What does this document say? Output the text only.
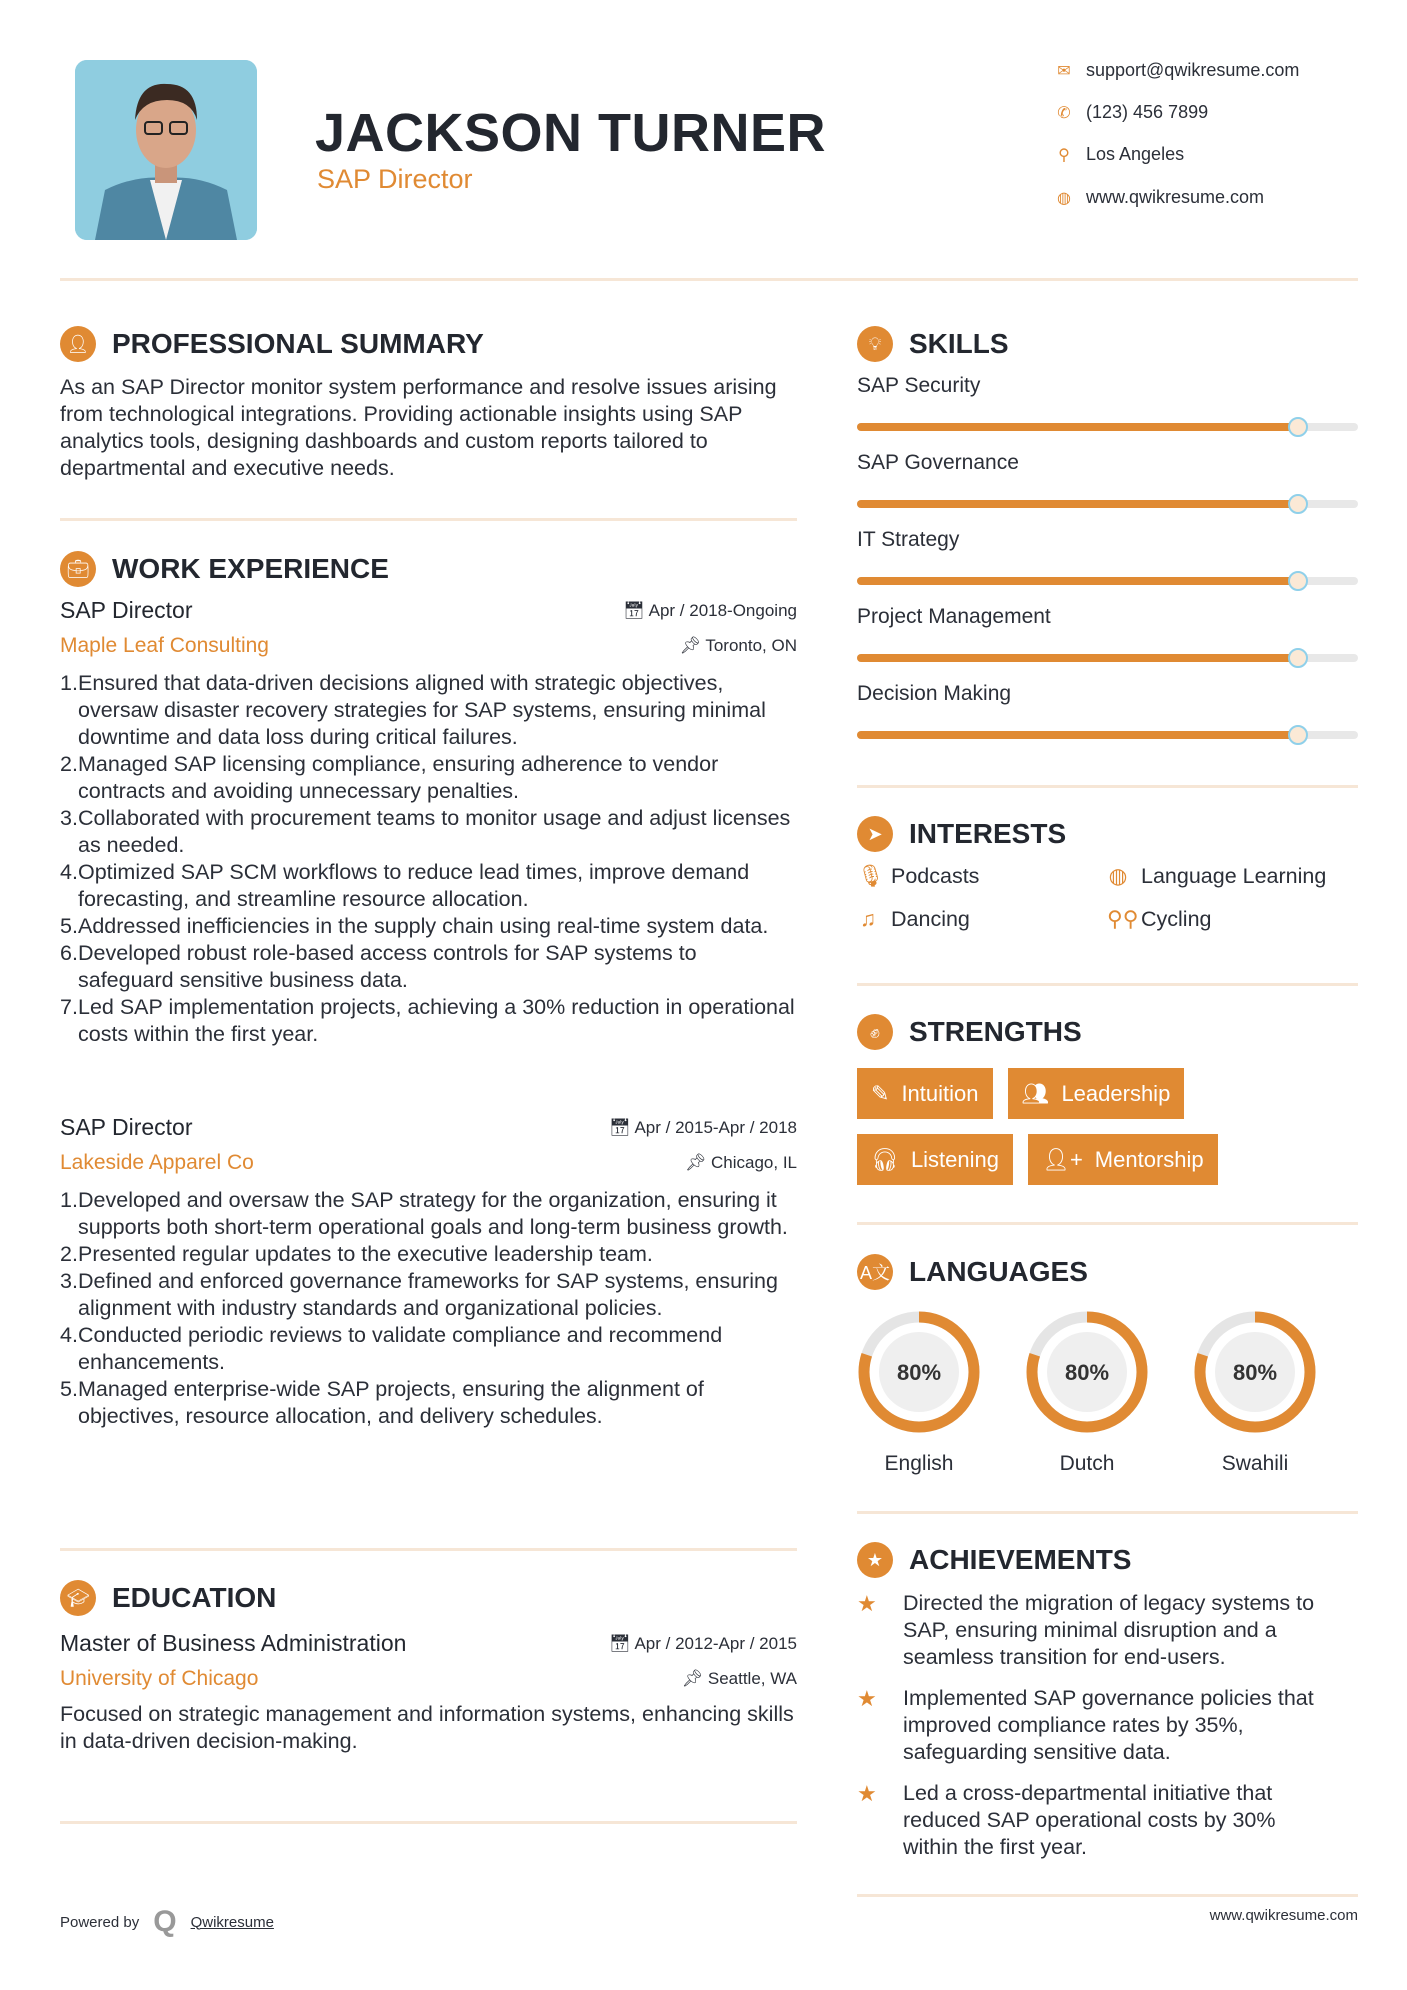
JACKSON TURNER
SAP Director
👤︎ PROFESSIONAL SUMMARY

As an SAP Director monitor system performance and resolve issues arising from technological integrations. Providing actionable insights using SAP analytics tools, designing dashboards and custom reports tailored to departmental and executive needs.

💼︎ WORK EXPERIENCE
SAP Director	📅︎ Apr / 2018-Ongoing
Maple Leaf Consulting	📌︎ Toronto, ON
1. Ensured that data-driven decisions aligned with strategic objectives, oversaw disaster recovery strategies for SAP systems, ensuring minimal downtime and data loss during critical failures.
2. Managed SAP licensing compliance, ensuring adherence to vendor contracts and avoiding unnecessary penalties.
3. Collaborated with procurement teams to monitor usage and adjust licenses as needed.
4. Optimized SAP SCM workflows to reduce lead times, improve demand forecasting, and streamline resource allocation.
5. Addressed inefficiencies in the supply chain using real-time system data.
6. Developed robust role-based access controls for SAP systems to safeguard sensitive business data.
7. Led SAP implementation projects, achieving a 30% reduction in operational costs within the first year.
SAP Director	📅︎ Apr / 2015-Apr / 2018
Lakeside Apparel Co	📌︎ Chicago, IL
1. Developed and oversaw the SAP strategy for the organization, ensuring it supports both short-term operational goals and long-term business growth.
2. Presented regular updates to the executive leadership team.
3. Defined and enforced governance frameworks for SAP systems, ensuring alignment with industry standards and organizational policies.
4. Conducted periodic reviews to validate compliance and recommend enhancements.
5. Managed enterprise-wide SAP projects, ensuring the alignment of objectives, resource allocation, and delivery schedules.
🎓︎ EDUCATION
Master of Business Administration	📅︎ Apr / 2012-Apr / 2015
University of Chicago	📌︎ Seattle, WA

Focused on strategic management and information systems, enhancing skills in data-driven decision-making.

💡︎ SKILLS
SAP Security
SAP Governance
IT Strategy
Project Management
Decision Making
➤ INTERESTS
🎙︎ Podcasts	◍ Language Learning
♫ Dancing	⚲⚲ Cycling
✊︎	STRENGTHS
✎ Intuition 👥︎ Leadership
🎧︎ Listening 👤︎+ Mentorship
A文 LANGUAGES
80%
English
80%
Dutch
80%
Swahili
★ ACHIEVEMENTS
★	Directed the migration of legacy systems to SAP, ensuring minimal disruption and a seamless transition for end-users.
★	Implemented SAP governance policies that improved compliance rates by 35%, safeguarding sensitive data.
★	Led a cross-departmental initiative that reduced SAP operational costs by 30% within the first year.
Powered by Q Qwikresume	www.qwikresume.com
✉ support@qwikresume.com
✆ (123) 456 7899
⚲ Los Angeles
◍ www.qwikresume.com
